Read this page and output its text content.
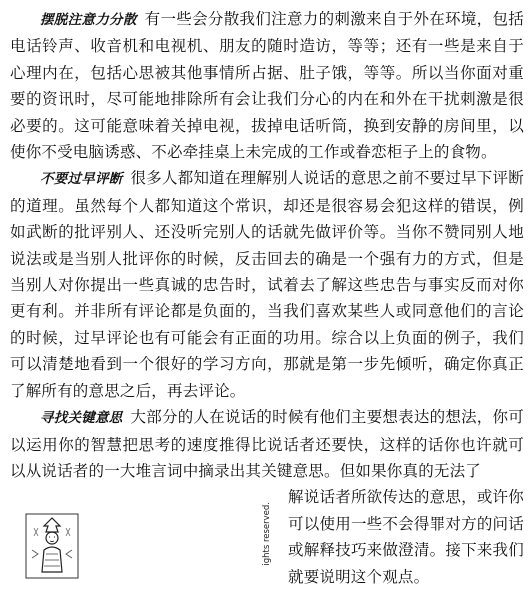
摆脱注意力分散 有一些会分散我们注意力的刺激来自于外在环境，包括电话铃声、收音机和电视机、朋友的随时造访，等等；还有一些是来自于心理内在，包括心思被其他事情所占据、肚子饿，等等。所以当你面对重要的资讯时，尽可能地排除所有会让我们分心的内在和外在干扰刺激是很必要的。这可能意味着关掉电视，拔掉电话听筒，换到安静的房间里，以使你不受电脑诱惑、不必牵挂桌上未完成的工作或眷恋柜子上的食物。

不要过早评断 很多人都知道在理解别人说话的意思之前不要过早下评断的道理。虽然每个人都知道这个常识，却还是很容易会犯这样的错误，例如武断的批评别人、还没听完别人的话就先做评价等。当你不赞同别人地说法或是当别人批评你的时候，反击回去的确是一个强有力的方式，但是当别人对你提出一些真诚的忠告时，试着去了解这些忠告与事实反而对你更有利。并非所有评论都是负面的，当我们喜欢某些人或同意他们的言论的时候，过早评论也有可能会有正面的功用。综合以上负面的例子，我们可以清楚地看到一个很好的学习方向，那就是第一步先倾听，确定你真正了解所有的意思之后，再去评论。

寻找关键意思 大部分的人在说话的时候有他们主要想表达的想法，你可以运用你的智慧把思考的速度推得比说话者还要快，这样的话你也许就可以从说话者的一大堆言词中摘录出其关键意思。但如果你真的无法了

ights reserved.
解说话者所欲传达的意思，或许你可以使用一些不会得罪对方的问话或解释技巧来做澄清。接下来我们就要说明这个观点。
